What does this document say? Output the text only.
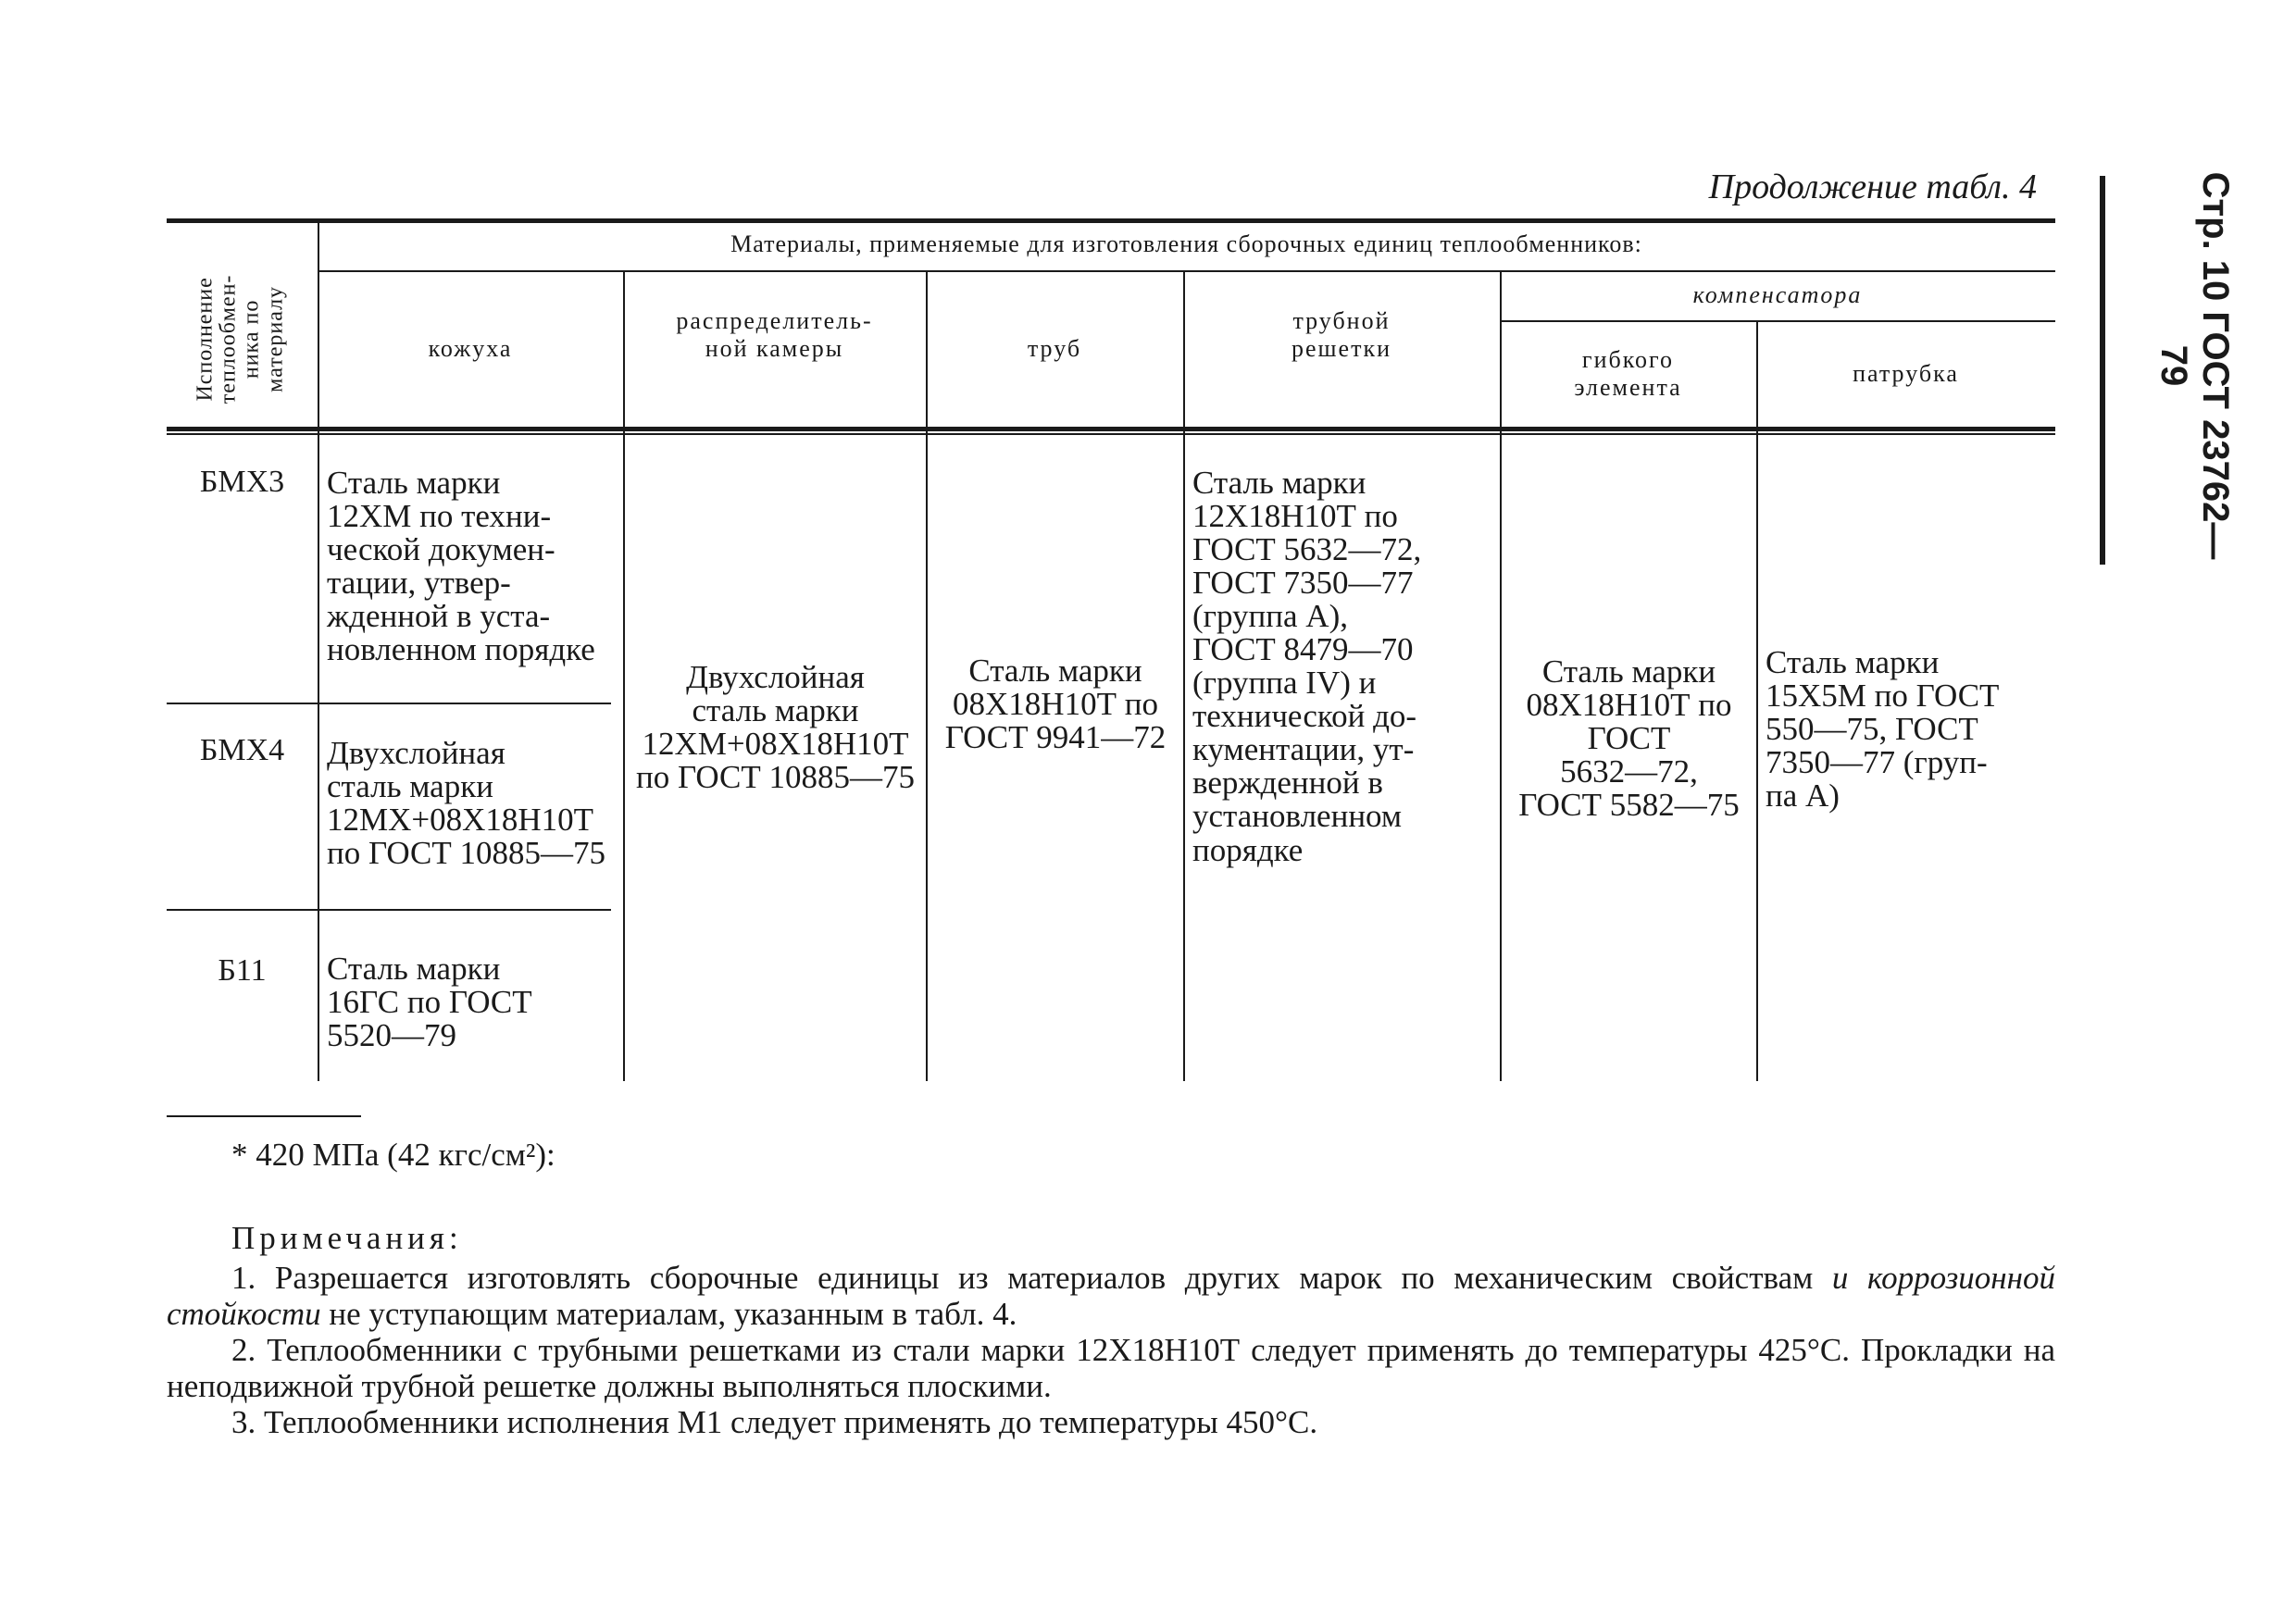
Продолжение табл. 4	Стр. 10 ГОСТ 23762—79
Исполнение
теплообмен-
ника по
материалу
Материалы, применяемые для изготовления сборочных единиц теплообменников:
кожуха
распределитель-
ной камеры	труб
трубной
решетки
компенсатора
гибкого
элемента
патрубка
БМХ3
БМХ4
Б11
Сталь марки
12ХМ по техни-
ческой докумен-
тации, утвер-
жденной в уста-
новленном порядке
Двухслойная
сталь марки
12МХ+08Х18Н10Т
по ГОСТ 10885—75
Сталь марки
16ГС по ГОСТ
5520—79
Двухслойная
сталь марки
12ХМ+08Х18Н10Т
по ГОСТ 10885—75
Сталь марки
08Х18Н10Т по
ГОСТ 9941—72
Сталь марки
12Х18Н10Т по
ГОСТ 5632—72,
ГОСТ 7350—77
(группа А),
ГОСТ 8479—70
(группа IV) и
технической до-
кументации, ут-
вержденной в
установленном
порядке
Сталь марки
08Х18Н10Т по
ГОСТ
5632—72,
ГОСТ 5582—75
Сталь марки
15Х5М по ГОСТ
550—75, ГОСТ
7350—77 (груп-
па А)
* 420 МПа (42 кгс/см²):
Примечания:
1. Разрешается изготовлять сборочные единицы из материалов других марок по механическим свойствам и коррозионной стойкости не уступающим материалам, указанным в табл. 4.
2. Теплообменники с трубными решетками из стали марки 12Х18Н10Т следует применять до температуры 425°С. Прокладки на неподвижной трубной решетке должны выполняться плоскими.
3. Теплообменники исполнения М1 следует применять до температуры 450°С.
